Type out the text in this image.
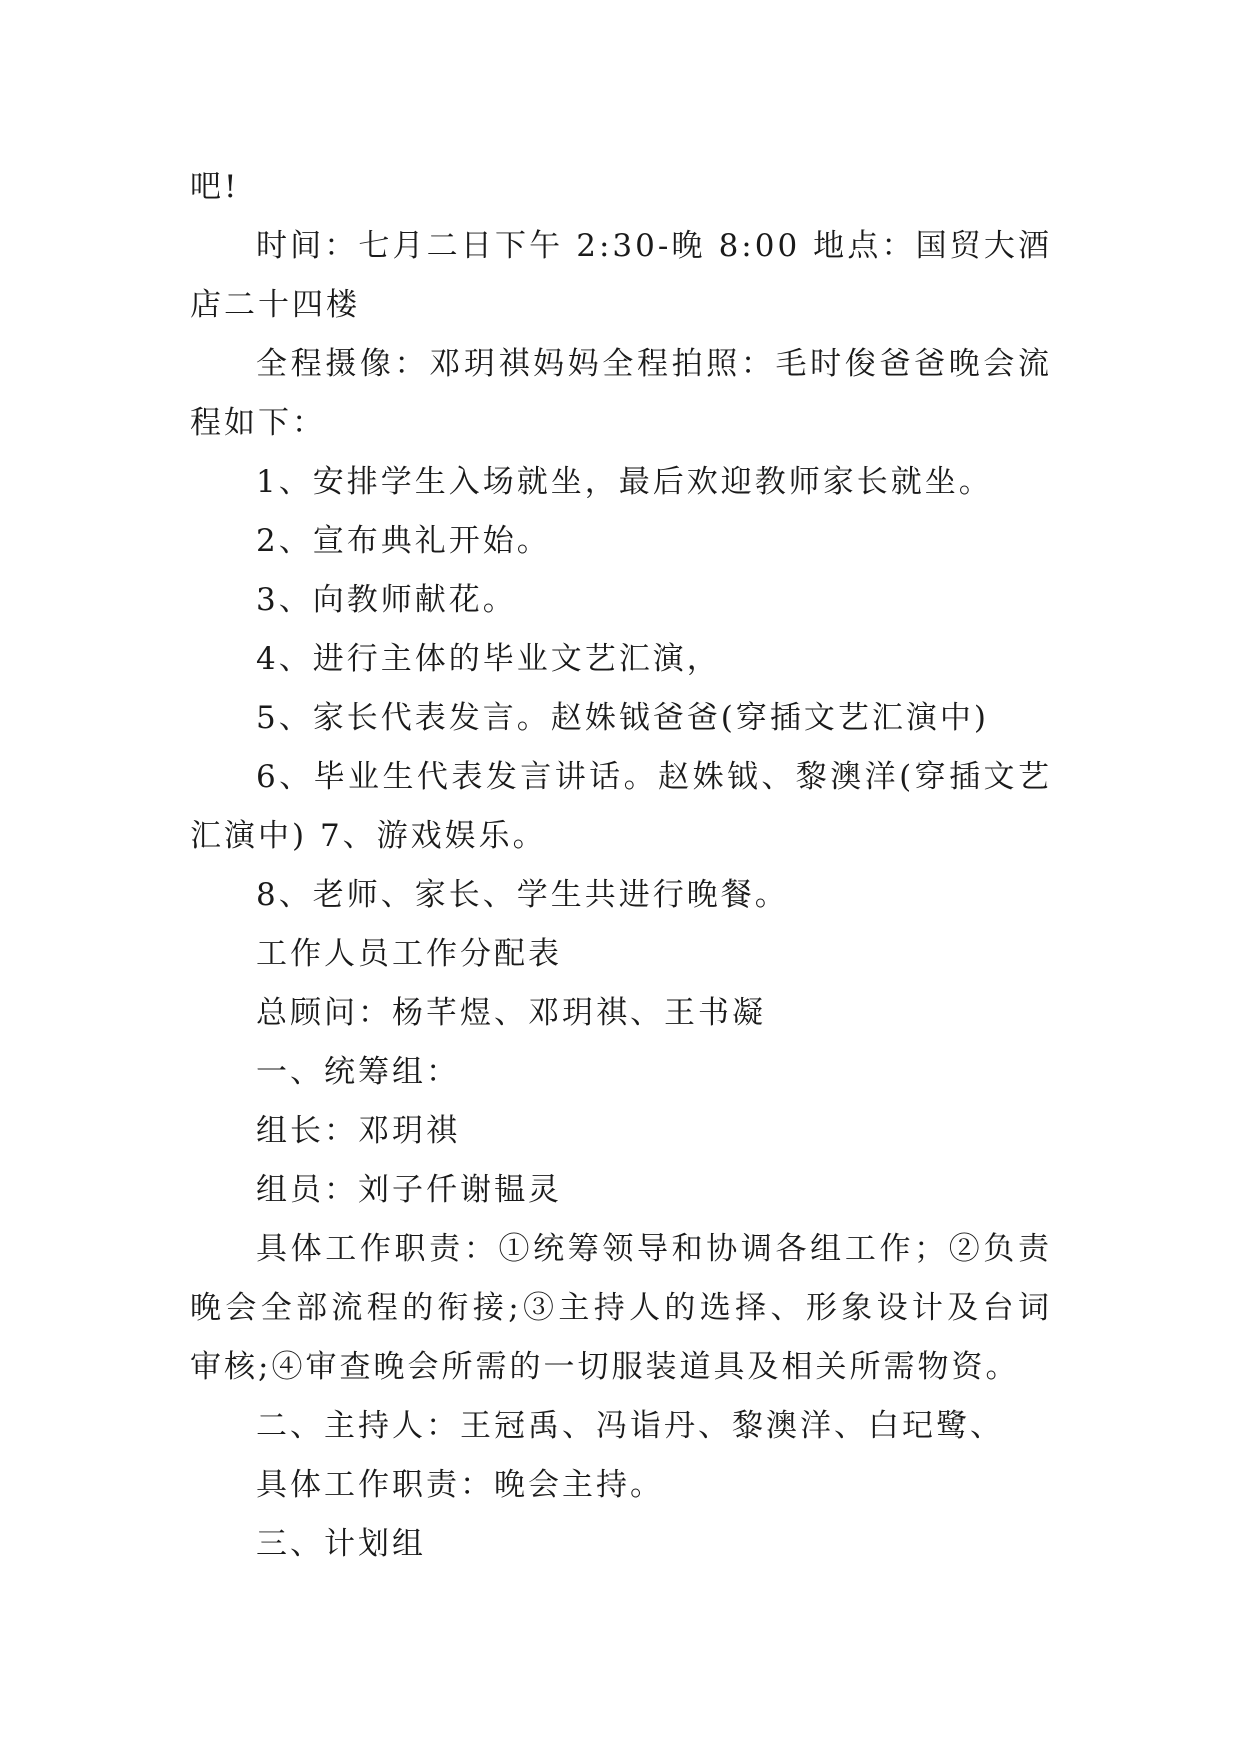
吧!

时间：七月二日下午 2:30-晚 8:00 地点：国贸大酒店二十四楼

全程摄像：邓玥祺妈妈全程拍照：毛时俊爸爸晚会流程如下：

1、安排学生入场就坐，最后欢迎教师家长就坐。

2、宣布典礼开始。

3、向教师献花。

4、进行主体的毕业文艺汇演，

5、家长代表发言。赵姝钺爸爸(穿插文艺汇演中)

6、毕业生代表发言讲话。赵姝钺、黎澳洋(穿插文艺汇演中) 7、游戏娱乐。

8、老师、家长、学生共进行晚餐。

工作人员工作分配表

总顾问：杨芊煜、邓玥祺、王书凝

一、统筹组：

组长：邓玥祺

组员：刘子仟谢韫灵

具体工作职责：①统筹领导和协调各组工作；②负责晚会全部流程的衔接;③主持人的选择、形象设计及台词审核;④审查晚会所需的一切服装道具及相关所需物资。

二、主持人：王冠禹、冯诣丹、黎澳洋、白玘鹭、

具体工作职责：晚会主持。

三、计划组
